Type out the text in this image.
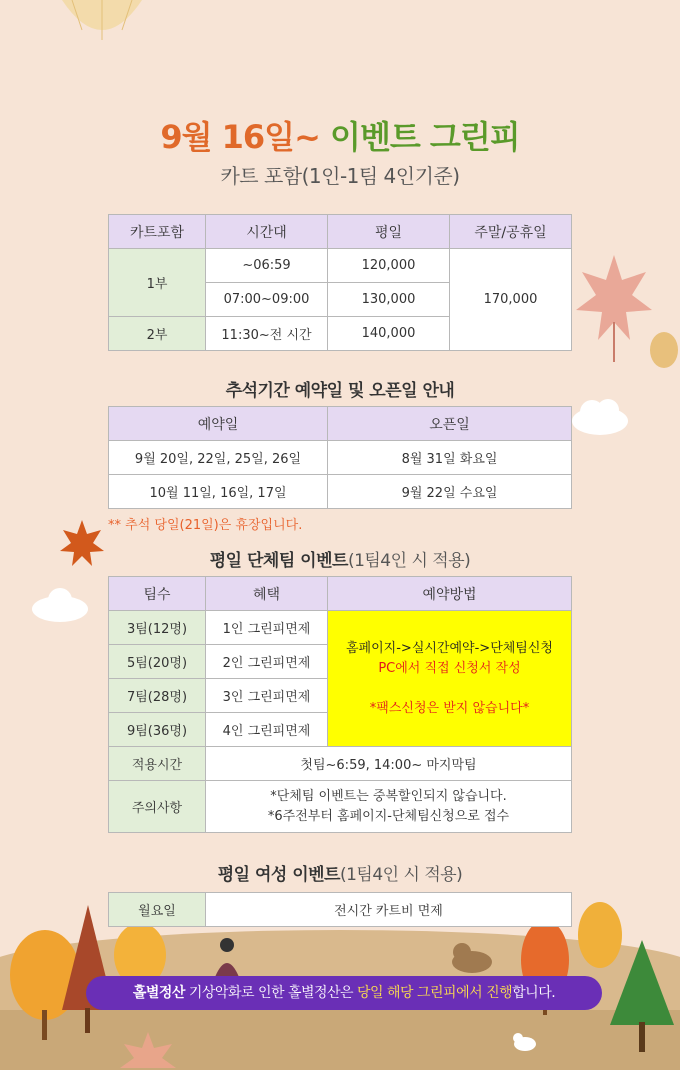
9월 16일~ 이벤트 그린피
카트 포함(1인-1팀 4인기준)
카트포함	시간대	평일	주말/공휴일
1부	~06:59	120,000	170,000
	07:00~09:00	130,000	
2부	11:30~전 시간	140,000	
추석기간 예약일 및 오픈일 안내
예약일	오픈일
9월 20일, 22일, 25일, 26일	8월 31일 화요일
10월 11일, 16일, 17일	9월 22일 수요일
** 추석 당일(21일)은 휴장입니다.
평일 단체팀 이벤트(1팀4인 시 적용)
팀수	혜택	예약방법
3팀(12명)	1인 그린피면제	홈페이지->실시간예약->단체팀신청
PC에서 직접 신청서 작성
*팩스신청은 받지 않습니다*

5팀(20명)	2인 그린피면제	
7팀(28명)	3인 그린피면제	
9팀(36명)	4인 그린피면제	
적용시간	첫팀~6:59, 14:00~ 마지막팀	
주의사항	*단체팀 이벤트는 중복할인되지 않습니다.
*6주전부터 홈페이지-단체팀신청으로 접수	
평일 여성 이벤트(1팀4인 시 적용)
월요일	전시간 카트비 면제
홀별정산 기상악화로 인한 홀별정산은 당일 해당 그린피에서 진행합니다.
